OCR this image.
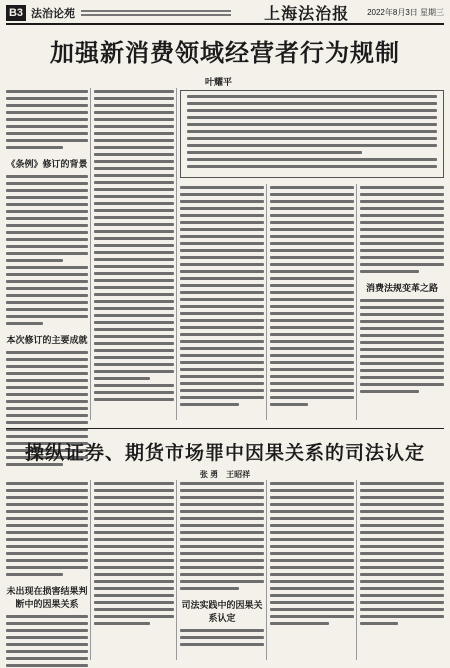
B3 法治论苑	上海法治报 2022年8月3日 星期三
加强新消费领域经营者行为规制
叶耀平
《条例》修订的背景
本次修订的主要成就
消费法规变革之路
操纵证券、期货市场罪中因果关系的司法认定
张 勇　王昭祥
未出现在损害结果判断中的因果关系	司法实践中的因果关系认定
